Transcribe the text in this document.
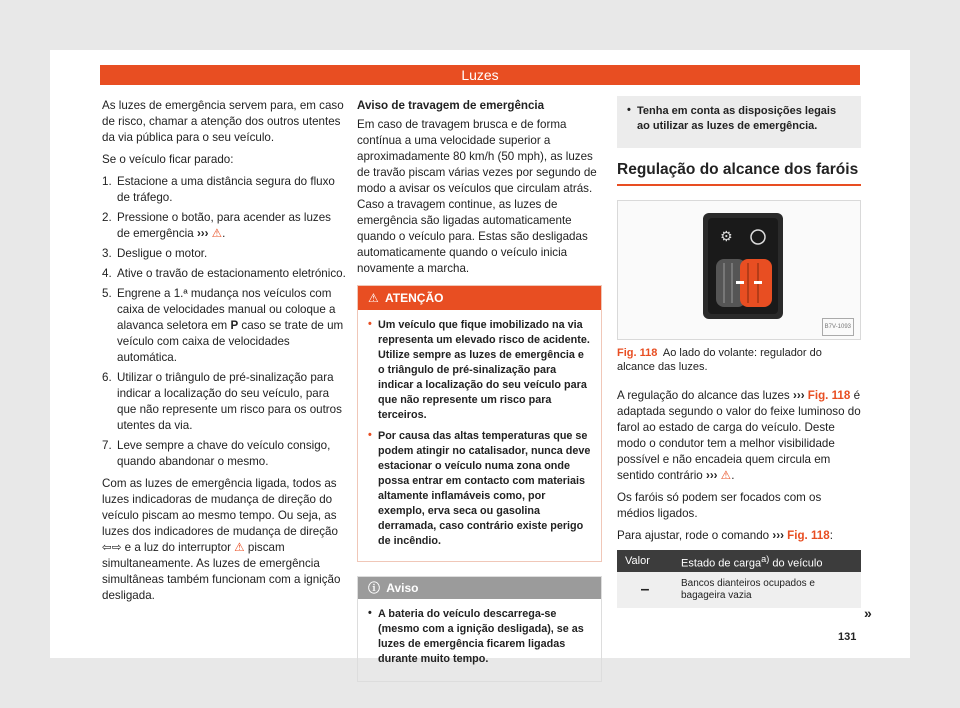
Luzes

As luzes de emergência servem para, em caso de risco, chamar a atenção dos outros utentes da via pública para o seu veículo.

Se o veículo ficar parado:

1. Estacione a uma distância segura do fluxo de tráfego.
2. Pressione o botão, para acender as luzes de emergência ››› ⚠.
3. Desligue o motor.
4. Ative o travão de estacionamento eletrónico.
5. Engrene a 1.ª mudança nos veículos com caixa de velocidades manual ou coloque a alavanca seletora em P caso se trate de um veículo com caixa de velocidades automática.
6. Utilizar o triângulo de pré-sinalização para indicar a localização do seu veículo, para que não represente um risco para os outros utentes da via.
7. Leve sempre a chave do veículo consigo, quando abandonar o mesmo.

Com as luzes de emergência ligada, todos as luzes indicadoras de mudança de direção do veículo piscam ao mesmo tempo. Ou seja, as luzes dos indicadores de mudança de direção ⇦⇨ e a luz do interruptor ⚠ piscam simultaneamente. As luzes de emergência simultâneas também funcionam com a ignição desligada.

Aviso de travagem de emergência

Em caso de travagem brusca e de forma contínua a uma velocidade superior a aproximadamente 80 km/h (50 mph), as luzes de travão piscam várias vezes por segundo de modo a avisar os veículos que circulam atrás. Caso a travagem continue, as luzes de emergência são ligadas automaticamente quando o veículo para. Estas são desligadas automaticamente quando o veículo inicia novamente a marcha.

⚠ ATENÇÃO
• Um veículo que fique imobilizado na via representa um elevado risco de acidente. Utilize sempre as luzes de emergência e o triângulo de pré-sinalização para indicar a localização do seu veículo para que não represente um risco para terceiros.
• Por causa das altas temperaturas que se podem atingir no catalisador, nunca deve estacionar o veículo numa zona onde possa entrar em contacto com materiais altamente inflamáveis como, por exemplo, erva seca ou gasolina derramada, caso contrário existe perigo de incêndio.
ⓘ Aviso
• A bateria do veículo descarrega-se (mesmo com a ignição desligada), se as luzes de emergência ficarem ligadas durante muito tempo.
• Tenha em conta as disposições legais ao utilizar as luzes de emergência.
Regulação do alcance dos faróis
⚙
B7V-1093
Fig. 118 Ao lado do volante: regulador do alcance das luzes.

A regulação do alcance das luzes ››› Fig. 118 é adaptada segundo o valor do feixe luminoso do farol ao estado de carga do veículo. Deste modo o condutor tem a melhor visibilidade possível e não encadeia quem circula em sentido contrário ››› ⚠.

Os faróis só podem ser focados com os médios ligados.

Para ajustar, rode o comando ››› Fig. 118:

Valor	Estado de carga$^{a)}$ do veículo
–	Bancos dianteiros ocupados e bagageira vazia
»
131
